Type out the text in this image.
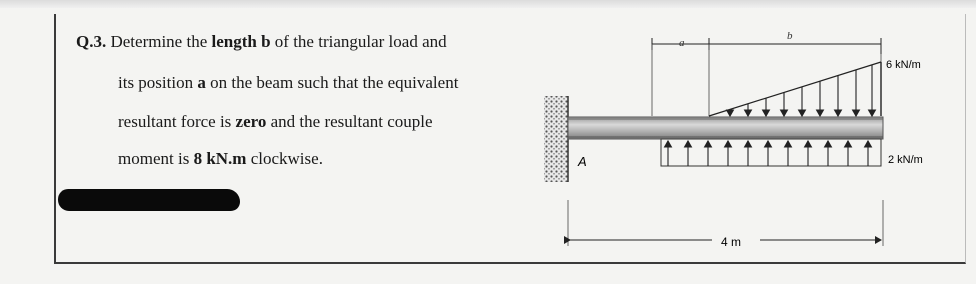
Q.3. Determine the length b of the triangular load and
its position a on the beam such that the equivalent
resultant force is zero and the resultant couple
moment is 8 kN.m clockwise.	A
a
b
6 kN/m
2 kN/m
4 m
